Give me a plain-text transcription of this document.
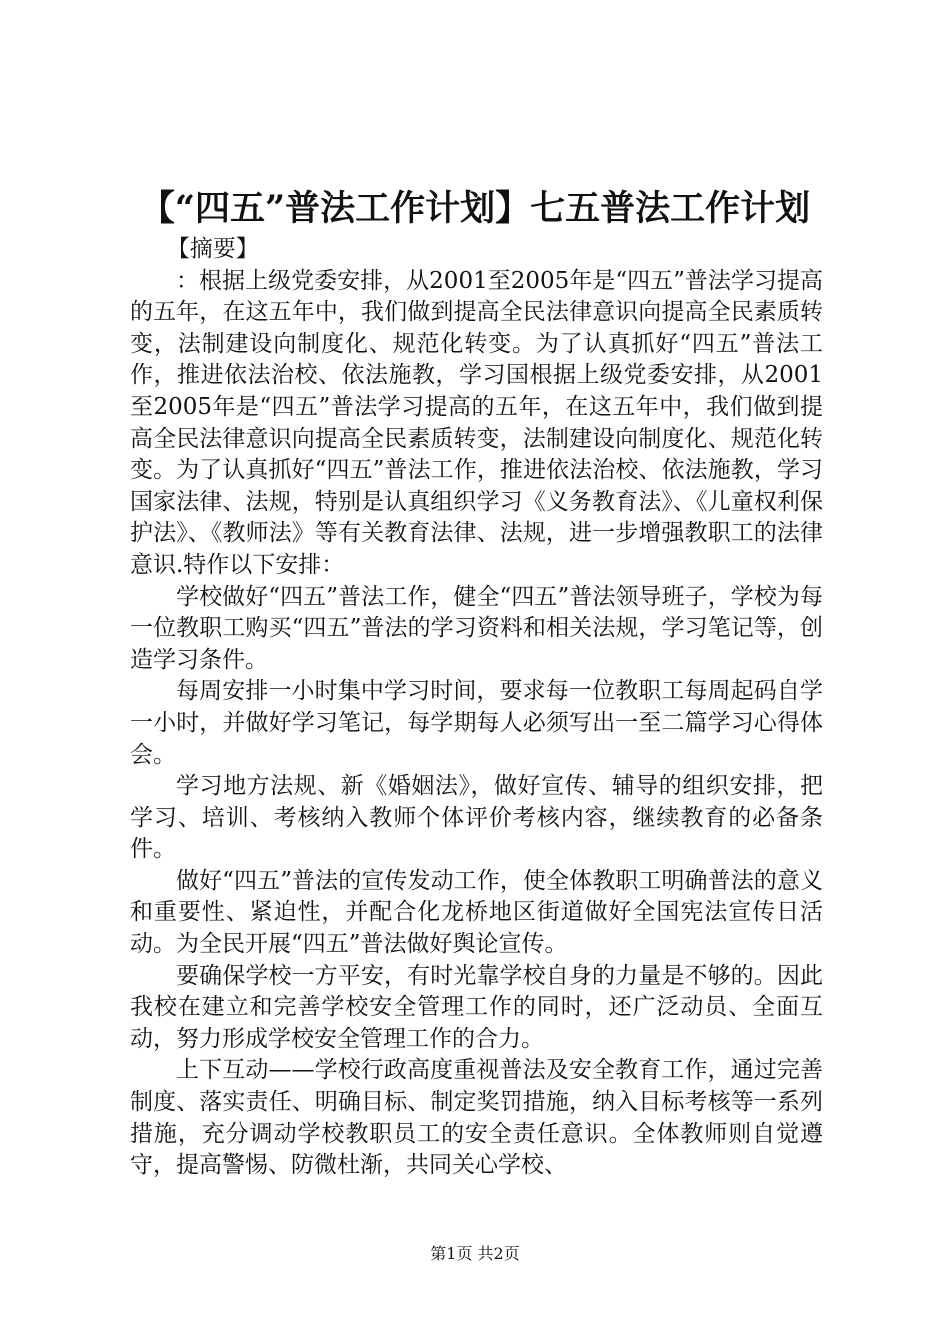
【“四五”普法工作计划】七五普法工作计划

【摘要】

：根据上级党委安排，从2001至2005年是“四五”普法学习提高的五年，在这五年中，我们做到提高全民法律意识向提高全民素质转变，法制建设向制度化、规范化转变。为了认真抓好“四五”普法工作，推进依法治校、依法施教，学习国根据上级党委安排，从2001至2005年是“四五”普法学习提高的五年，在这五年中，我们做到提高全民法律意识向提高全民素质转变，法制建设向制度化、规范化转变。为了认真抓好“四五”普法工作，推进依法治校、依法施教，学习国家法律、法规，特别是认真组织学习《义务教育法》、《儿童权利保护法》、《教师法》等有关教育法律、法规，进一步增强教职工的法律意识.特作以下安排：

学校做好“四五”普法工作，健全“四五”普法领导班子，学校为每一位教职工购买“四五”普法的学习资料和相关法规，学习笔记等，创造学习条件。

每周安排一小时集中学习时间，要求每一位教职工每周起码自学一小时，并做好学习笔记，每学期每人必须写出一至二篇学习心得体会。

学习地方法规、新《婚姻法》，做好宣传、辅导的组织安排，把学习、培训、考核纳入教师个体评价考核内容，继续教育的必备条件。

做好“四五”普法的宣传发动工作，使全体教职工明确普法的意义和重要性、紧迫性，并配合化龙桥地区街道做好全国宪法宣传日活动。为全民开展“四五”普法做好舆论宣传。

要确保学校一方平安，有时光靠学校自身的力量是不够的。因此我校在建立和完善学校安全管理工作的同时，还广泛动员、全面互动，努力形成学校安全管理工作的合力。

上下互动——学校行政高度重视普法及安全教育工作，通过完善制度、落实责任、明确目标、制定奖罚措施，纳入目标考核等一系列措施，充分调动学校教职员工的安全责任意识。全体教师则自觉遵守，提高警惕、防微杜渐，共同关心学校、

第1页 共2页
